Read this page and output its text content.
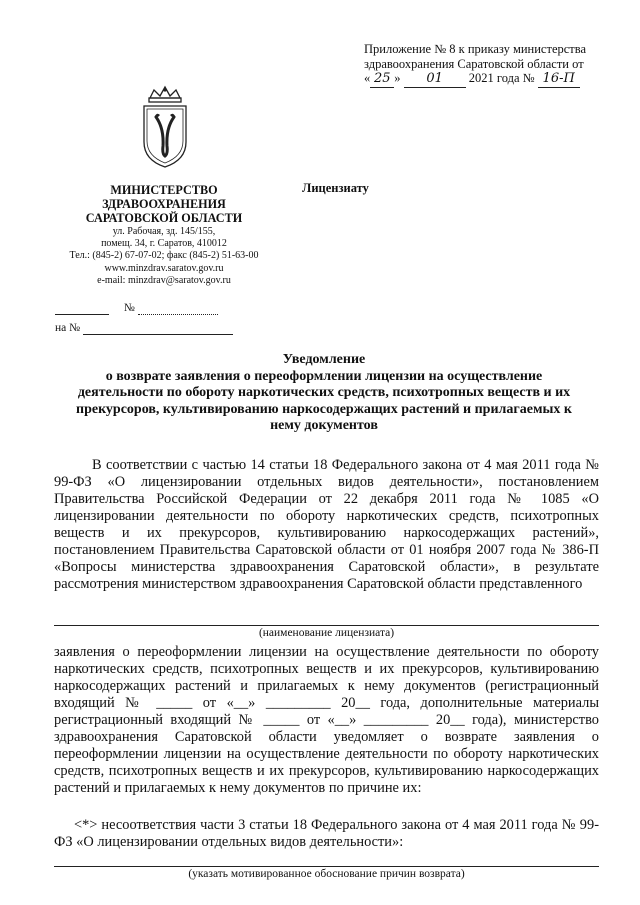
Приложение № 8 к приказу министерства
здравоохранения Саратовской области от
« 25 » 01 2021 года № 16-П
МИНИСТЕРСТВО
ЗДРАВООХРАНЕНИЯ
САРАТОВСКОЙ ОБЛАСТИ
ул. Рабочая, зд. 145/155,
помещ. 34, г. Саратов, 410012
Тел.: (845-2) 67-07-02; факс (845-2) 51-63-00
www.minzdrav.saratov.gov.ru
e-mail: minzdrav@saratov.gov.ru
Лицензиату
№
на №
Уведомление
о возврате заявления о переоформлении лицензии на осуществление
деятельности по обороту наркотических средств, психотропных веществ и их
прекурсоров, культивированию наркосодержащих растений и прилагаемых к
нему документов

В соответствии с частью 14 статьи 18 Федерального закона от 4 мая 2011 года № 99-ФЗ «О лицензировании отдельных видов деятельности», постановлением Правительства Российской Федерации от 22 декабря 2011 года № 1085 «О лицензировании деятельности по обороту наркотических средств, психотропных веществ и их прекурсоров, культивированию наркосодержащих растений», постановлением Правительства Саратовской области от 01 ноября 2007 года № 386-П «Вопросы министерства здравоохранения Саратовской области», в результате рассмотрения министерством здравоохранения Саратовской области представленного

(наименование лицензиата)

заявления о переоформлении лицензии на осуществление деятельности по обороту наркотических средств, психотропных веществ и их прекурсоров, культивированию наркосодержащих растений и прилагаемых к нему документов (регистрационный входящий № _____ от «__» _________ 20__ года, дополнительные материалы регистрационный входящий № _____ от «__» _________ 20__ года), министерство здравоохранения Саратовской области уведомляет о возврате заявления о переоформлении лицензии на осуществление деятельности по обороту наркотических средств, психотропных веществ и их прекурсоров, культивированию наркосодержащих растений и прилагаемых к нему документов по причине их:

<*> несоответствия части 3 статьи 18 Федерального закона от 4 мая 2011 года № 99-ФЗ «О лицензировании отдельных видов деятельности»:

(указать мотивированное обоснование причин возврата)
